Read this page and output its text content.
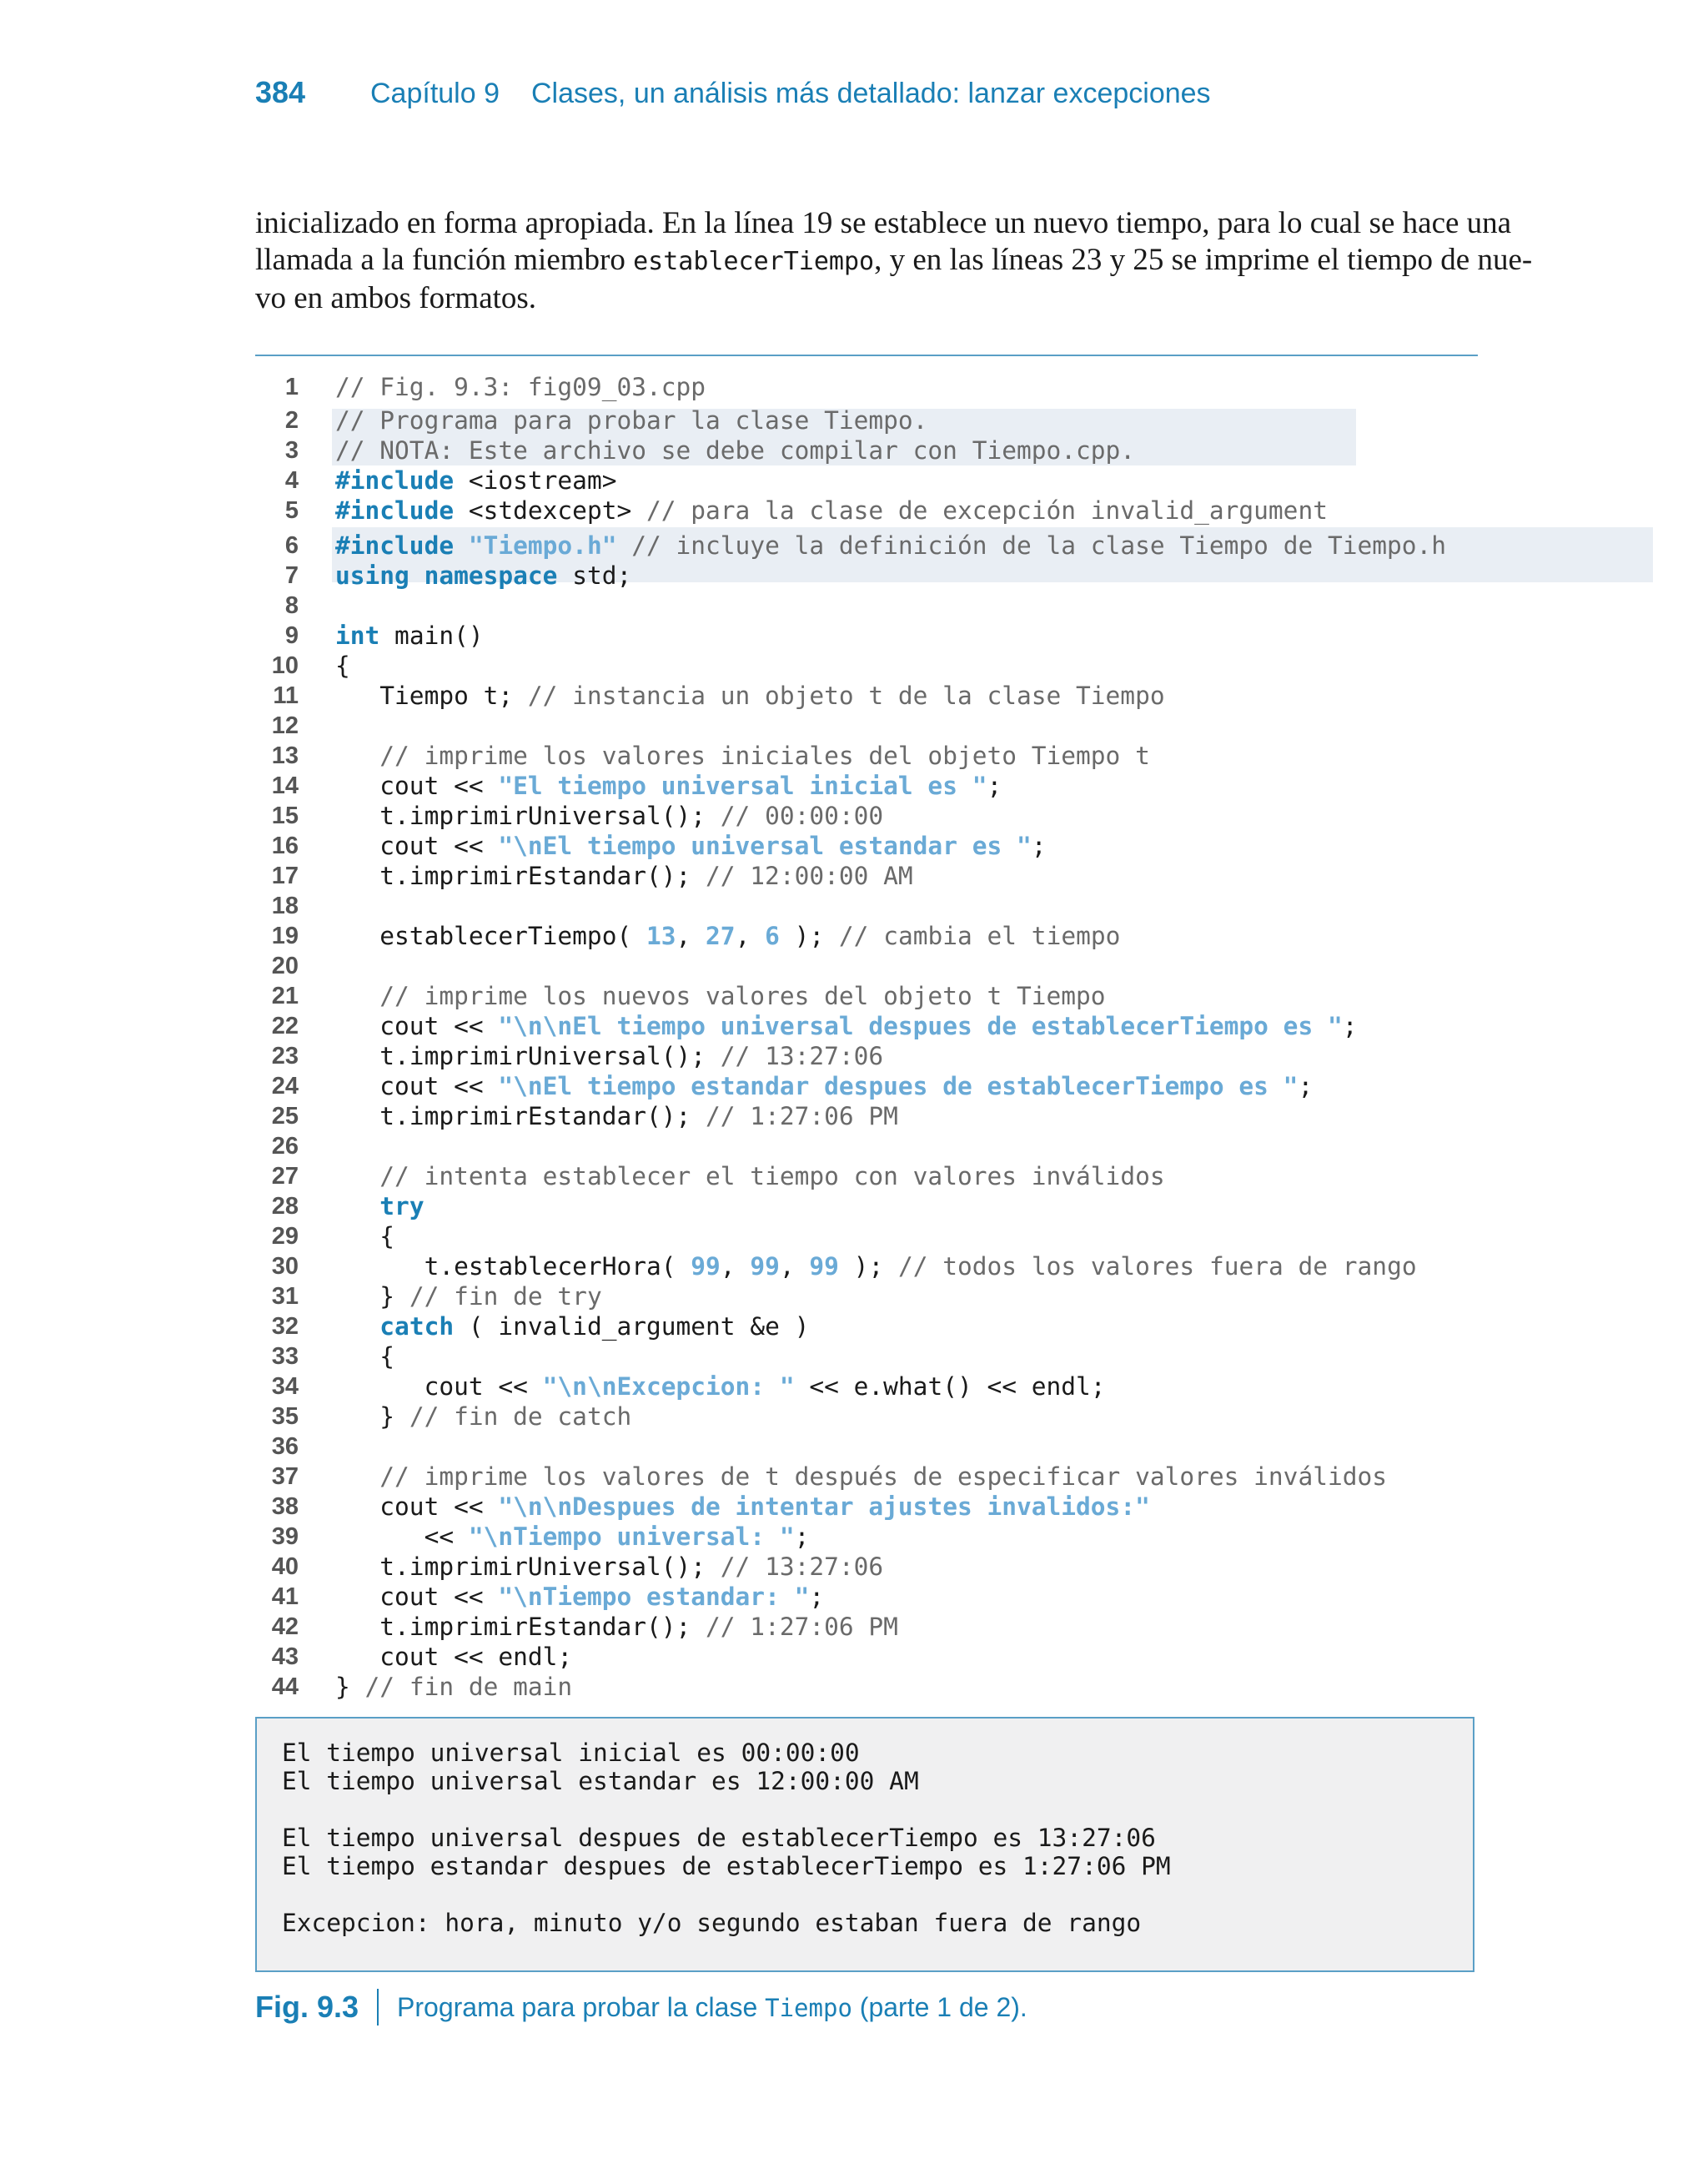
384	Capítulo 9 Clases, un análisis más detallado: lanzar excepciones
inicializado en forma apropiada. En la línea 19 se establece un nuevo tiempo, para lo cual se hace una
llamada a la función miembro establecerTiempo, y en las líneas 23 y 25 se imprime el tiempo de nue-
vo en ambos formatos.
1 // Fig. 9.3: fig09_03.cpp
2 // Programa para probar la clase Tiempo.
3 // NOTA: Este archivo se debe compilar con Tiempo.cpp.
4 #include <iostream>
5 #include <stdexcept> // para la clase de excepción invalid_argument
6 #include "Tiempo.h" // incluye la definición de la clase Tiempo de Tiempo.h
7 using namespace std;
8
9 int main()
10 {
11 Tiempo t; // instancia un objeto t de la clase Tiempo
12
13	// imprime los valores iniciales del objeto Tiempo t
14 cout << "El tiempo universal inicial es ";
15 t.imprimirUniversal(); // 00:00:00
16 cout << "\nEl tiempo universal estandar es ";
17 t.imprimirEstandar(); // 12:00:00 AM
18
19 establecerTiempo( 13, 27, 6 ); // cambia el tiempo
20
21	// imprime los nuevos valores del objeto t Tiempo
22 cout << "\n\nEl tiempo universal despues de establecerTiempo es ";
23 t.imprimirUniversal(); // 13:27:06
24 cout << "\nEl tiempo estandar despues de establecerTiempo es ";
25 t.imprimirEstandar(); // 1:27:06 PM
26
27	// intenta establecer el tiempo con valores inválidos
28	try
29 {
30 t.establecerHora( 99, 99, 99 ); // todos los valores fuera de rango
31 } // fin de try
32	catch ( invalid_argument &e )
33 {
34 cout << "\n\nExcepcion: " << e.what() << endl;
35 } // fin de catch
36
37	// imprime los valores de t después de especificar valores inválidos
38 cout << "\n\nDespues de intentar ajustes invalidos:"
39 << "\nTiempo universal: ";
40 t.imprimirUniversal(); // 13:27:06
41 cout << "\nTiempo estandar: ";
42 t.imprimirEstandar(); // 1:27:06 PM
43 cout << endl;
44 } // fin de main
El tiempo universal inicial es 00:00:00
El tiempo universal estandar es 12:00:00 AM
El tiempo universal despues de establecerTiempo es 13:27:06
El tiempo estandar despues de establecerTiempo es 1:27:06 PM
Excepcion: hora, minuto y/o segundo estaban fuera de rango
Fig. 9.3 Programa para probar la clase Tiempo (parte 1 de 2).
